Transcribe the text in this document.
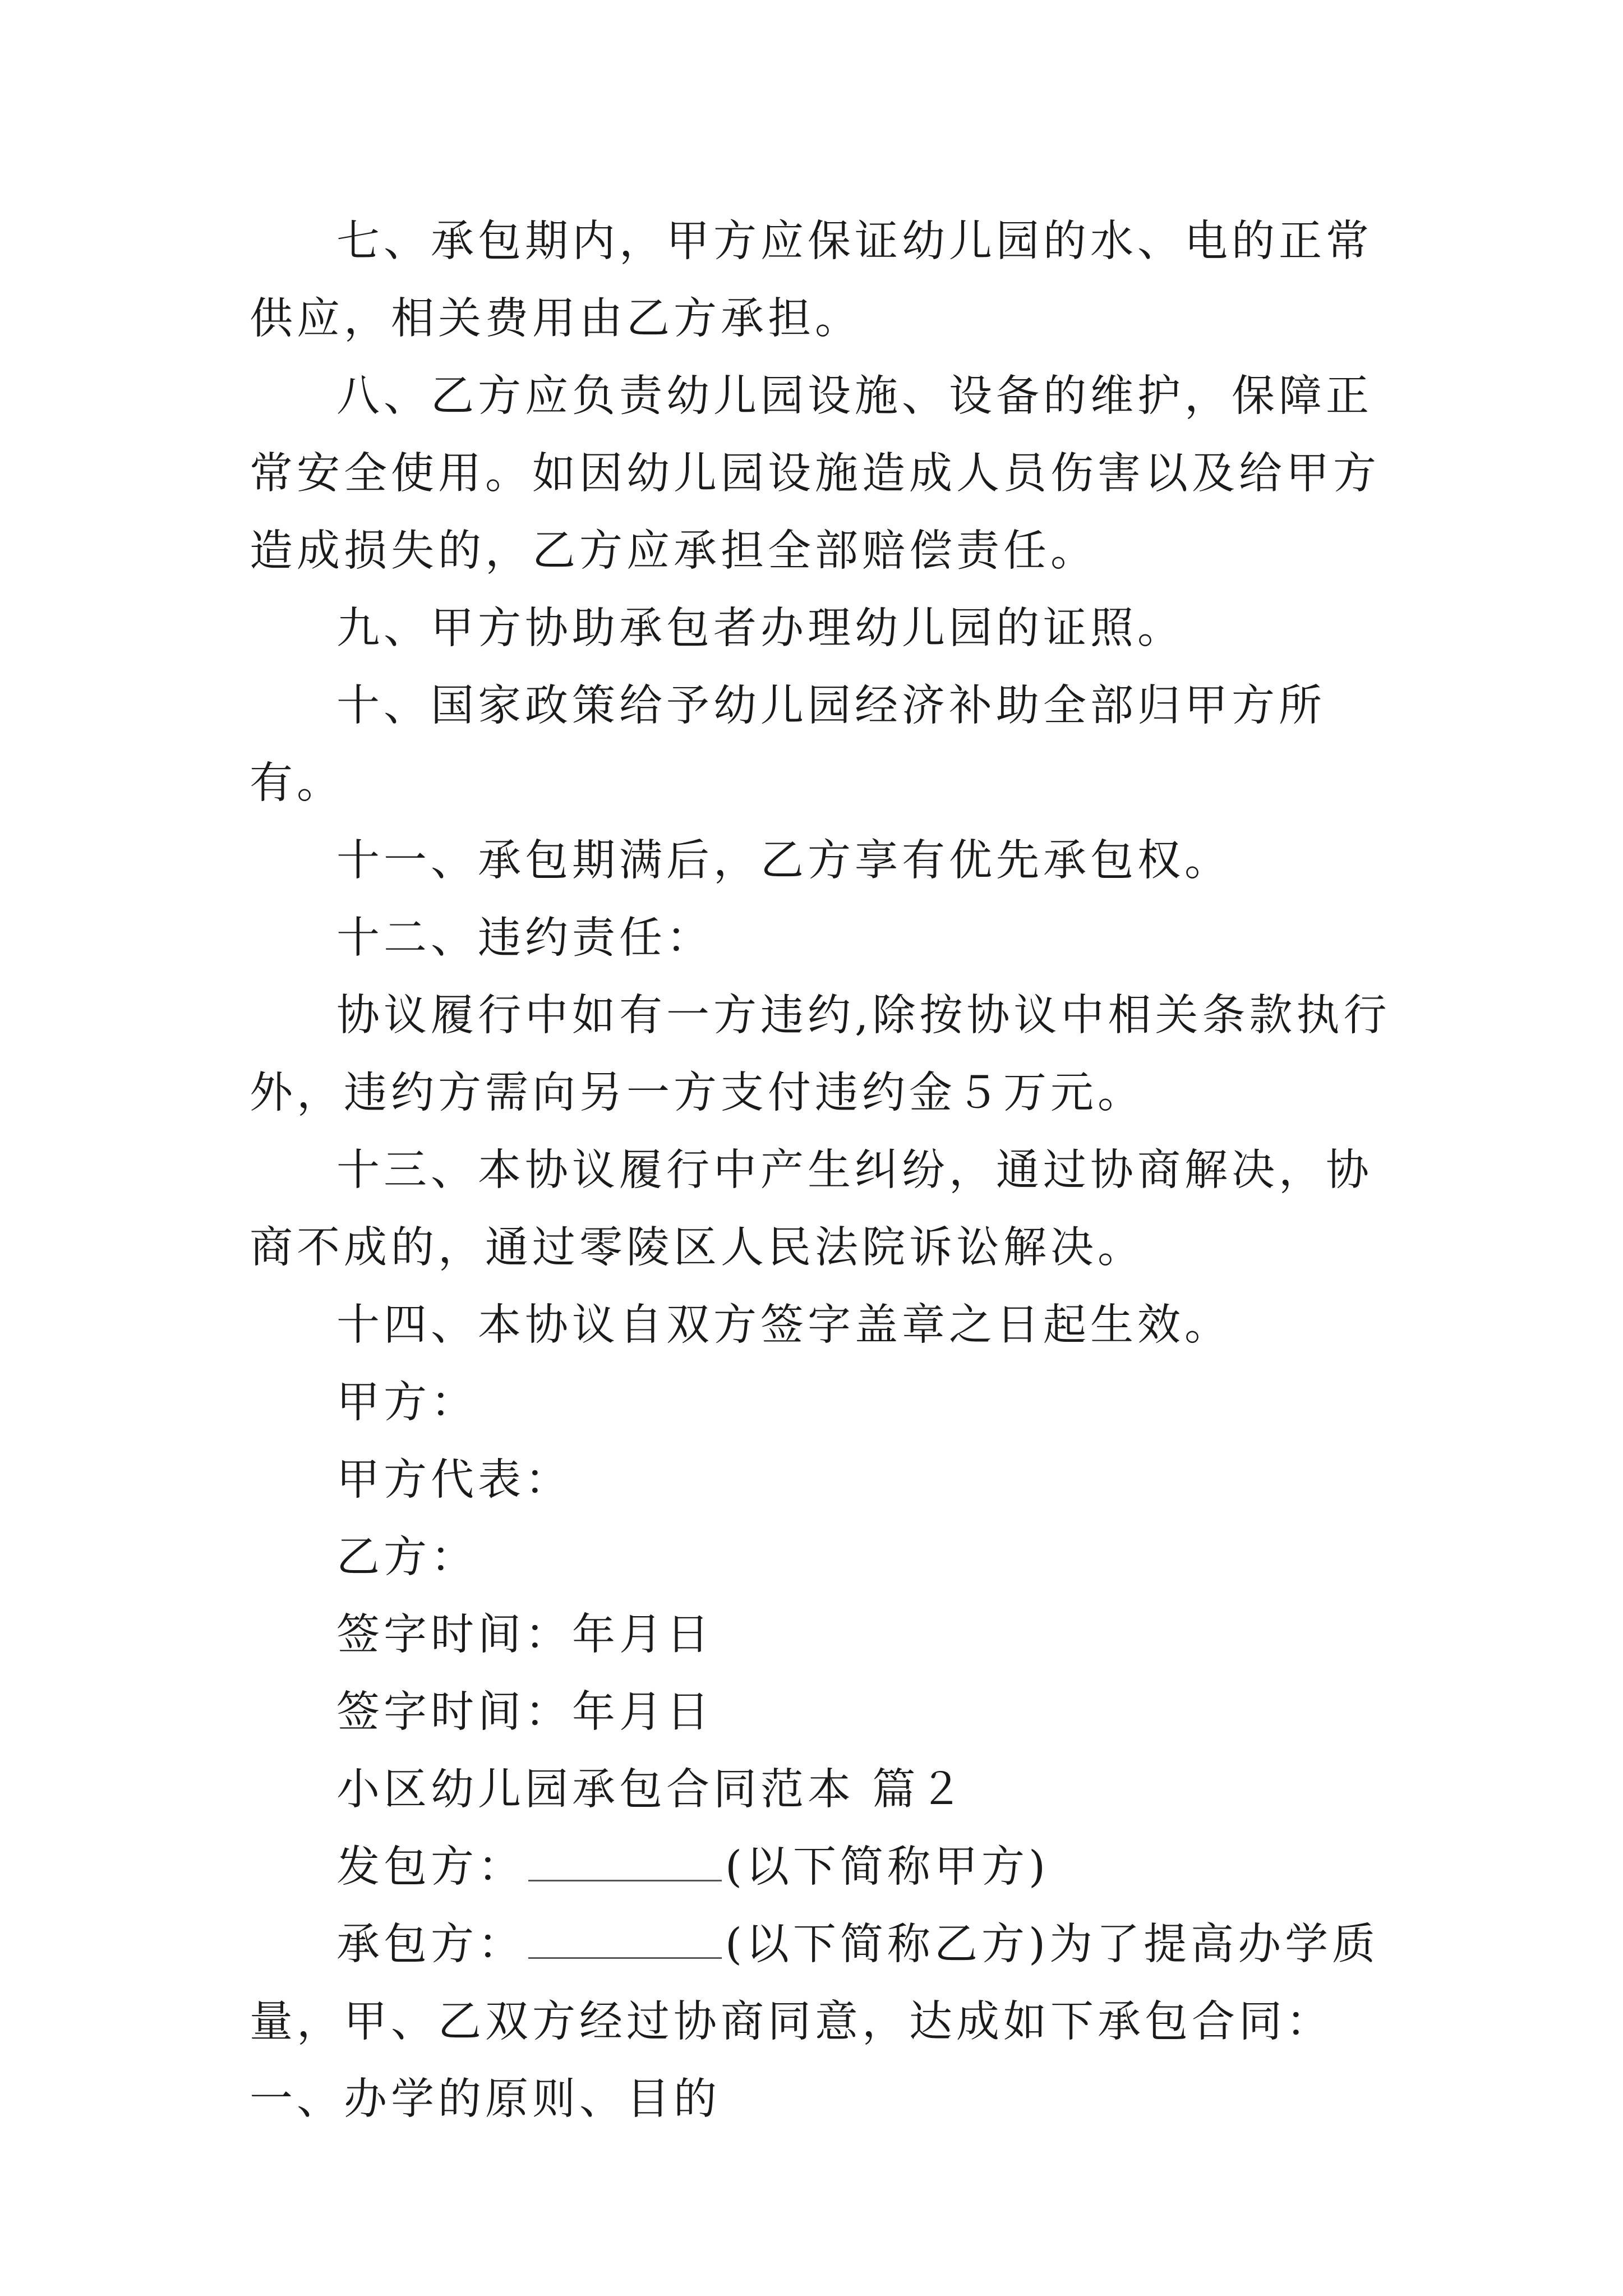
七、承包期内，甲方应保证幼儿园的水、电的正常供应，相关费用由乙方承担。

八、乙方应负责幼儿园设施、设备的维护，保障正常安全使用。如因幼儿园设施造成人员伤害以及给甲方造成损失的，乙方应承担全部赔偿责任。

九、甲方协助承包者办理幼儿园的证照。

十、国家政策给予幼儿园经济补助全部归甲方所有。

十一、承包期满后，乙方享有优先承包权。

十二、违约责任：

协议履行中如有一方违约,除按协议中相关条款执行外，违约方需向另一方支付违约金５万元。

十三、本协议履行中产生纠纷，通过协商解决，协商不成的，通过零陵区人民法院诉讼解决。

十四、本协议自双方签字盖章之日起生效。

甲方：

甲方代表：

乙方：

签字时间：年月日

签字时间：年月日

小区幼儿园承包合同范本 篇２

发包方：	(以下简称甲方)

承包方：	(以下简称乙方)为了提高办学质量，甲、乙双方经过协商同意，达成如下承包合同：一、办学的原则、目的
